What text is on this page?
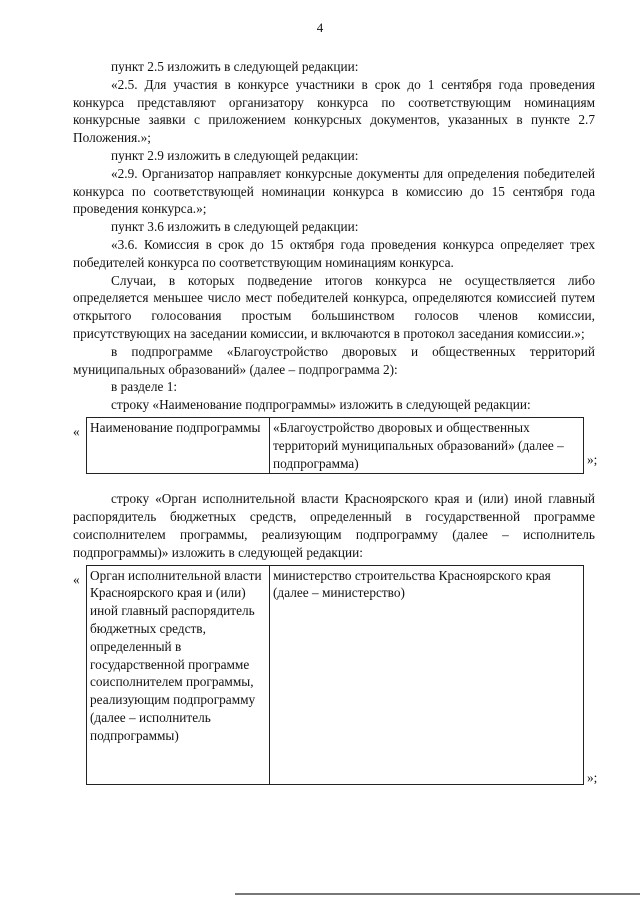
4

пункт 2.5 изложить в следующей редакции:

«2.5. Для участия в конкурсе участники в срок до 1 сентября года проведения конкурса представляют организатору конкурса по соответствующим номинациям конкурсные заявки с приложением конкурсных документов, указанных в пункте 2.7 Положения.»;

пункт 2.9 изложить в следующей редакции:

«2.9. Организатор направляет конкурсные документы для определения победителей конкурса по соответствующей номинации конкурса в комиссию до 15 сентября года проведения конкурса.»;

пункт 3.6 изложить в следующей редакции:

«3.6. Комиссия в срок до 15 октября года проведения конкурса определяет трех победителей конкурса по соответствующим номинациям конкурса.

Случаи, в которых подведение итогов конкурса не осуществляется либо определяется меньшее число мест победителей конкурса, определяются комиссией путем открытого голосования простым большинством голосов членов комиссии, присутствующих на заседании комиссии, и включаются в протокол заседания комиссии.»;

в подпрограмме «Благоустройство дворовых и общественных территорий муниципальных образований» (далее – подпрограмма 2):

в разделе 1:

строку «Наименование подпрограммы» изложить в следующей редакции:

« Наименование подпрограммы	«Благоустройство дворовых и общественных территорий муниципальных образований» (далее – подпрограмма)	»;

строку «Орган исполнительной власти Красноярского края и (или) иной главный распорядитель бюджетных средств, определенный в государственной программе соисполнителем программы, реализующим подпрограмму (далее – исполнитель подпрограммы)» изложить в следующей редакции:

« Орган исполнительной власти Красноярского края и (или) иной главный распорядитель бюджетных средств, определенный в государственной программе соисполнителем программы, реализующим подпрограмму (далее – исполнитель подпрограммы)	министерство строительства Красноярского края (далее – министерство)
»;
